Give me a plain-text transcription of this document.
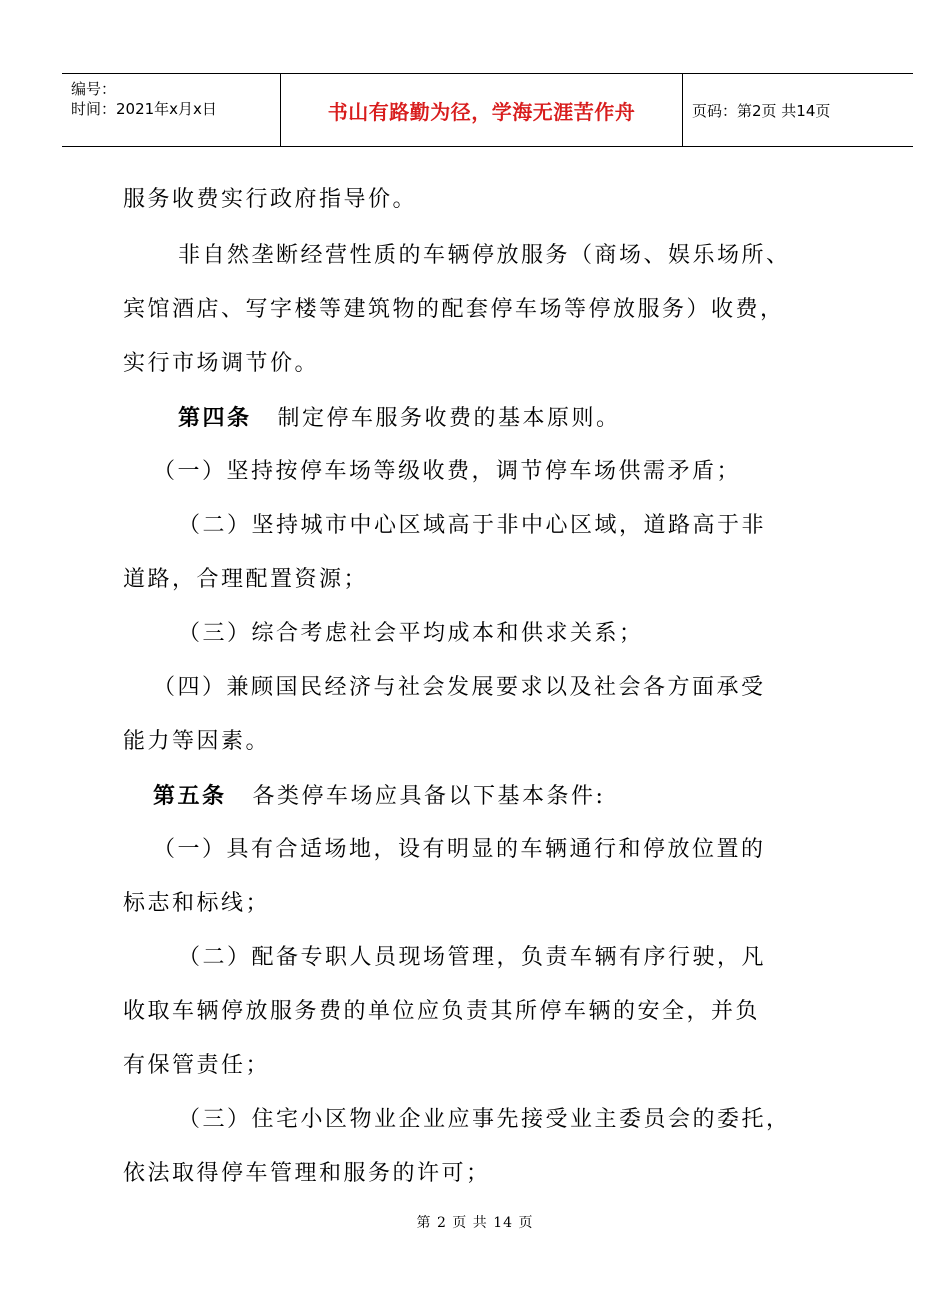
编号：
时间：2021年x月x日	书山有路勤为径，学海无涯苦作舟	页码：第2页 共14页
服务收费实行政府指导价。
非自然垄断经营性质的车辆停放服务（商场、娱乐场所、
宾馆酒店、写字楼等建筑物的配套停车场等停放服务）收费，
实行市场调节价。
第四条 制定停车服务收费的基本原则。
（一）坚持按停车场等级收费，调节停车场供需矛盾；
（二）坚持城市中心区域高于非中心区域，道路高于非
道路，合理配置资源；
（三）综合考虑社会平均成本和供求关系；
（四）兼顾国民经济与社会发展要求以及社会各方面承受
能力等因素。
第五条 各类停车场应具备以下基本条件:
（一）具有合适场地，设有明显的车辆通行和停放位置的
标志和标线；
（二）配备专职人员现场管理，负责车辆有序行驶，凡
收取车辆停放服务费的单位应负责其所停车辆的安全，并负
有保管责任；
（三）住宅小区物业企业应事先接受业主委员会的委托，
依法取得停车管理和服务的许可；
第 2 页 共 14 页
